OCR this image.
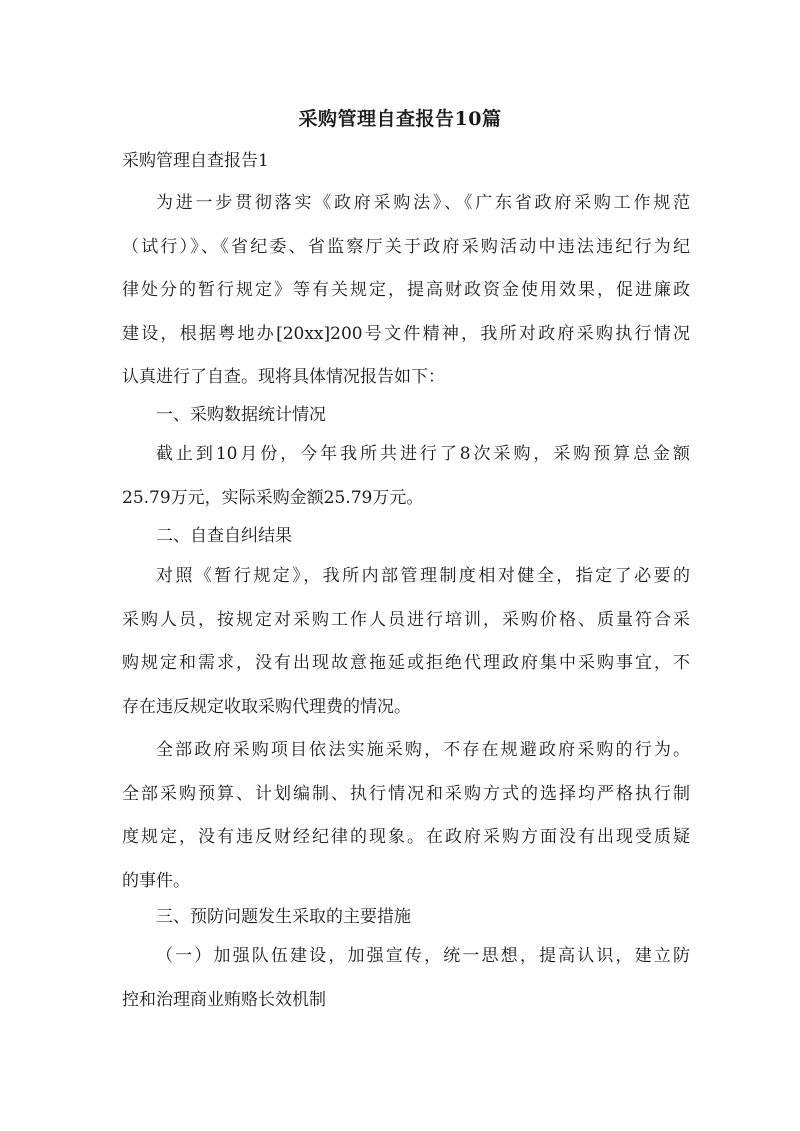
采购管理自查报告10篇
采购管理自查报告1
为进一步贯彻落实《政府采购法》、《广东省政府采购工作规范
（试行）》、《省纪委、省监察厅关于政府采购活动中违法违纪行为纪
律处分的暂行规定》等有关规定，提高财政资金使用效果，促进廉政
建设，根据粤地办[20xx]200号文件精神，我所对政府采购执行情况
认真进行了自查。现将具体情况报告如下：
一、采购数据统计情况
截止到10月份，今年我所共进行了8次采购，采购预算总金额
25.79万元，实际采购金额25.79万元。
二、自查自纠结果
对照《暂行规定》，我所内部管理制度相对健全，指定了必要的
采购人员，按规定对采购工作人员进行培训，采购价格、质量符合采
购规定和需求，没有出现故意拖延或拒绝代理政府集中采购事宜，不
存在违反规定收取采购代理费的情况。
全部政府采购项目依法实施采购，不存在规避政府采购的行为。
全部采购预算、计划编制、执行情况和采购方式的选择均严格执行制
度规定，没有违反财经纪律的现象。在政府采购方面没有出现受质疑
的事件。
三、预防问题发生采取的主要措施
（一）加强队伍建设，加强宣传，统一思想，提高认识，建立防
控和治理商业贿赂长效机制
